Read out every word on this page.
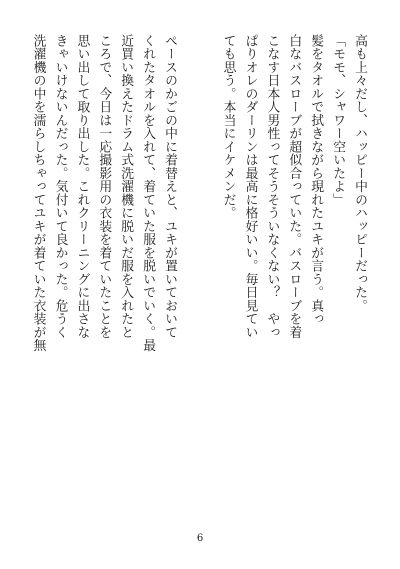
高も上々だし、ハッピー中のハッピーだった。
「モモ、シャワー空いたよ」
髪をタオルで拭きながら現れたユキが言う。真っ
白なバスローブが超似合っていた。バスローブを着
こなす日本人男性ってそうそういなくない？　やっ
ぱりオレのダーリンは最高に格好いい。毎日見てい
ても思う。本当にイケメンだ。
ペースのかごの中に着替えと、ユキが置いておいて
くれたタオルを入れて、着ていた服を脱いでいく。最
近買い換えたドラム式洗濯機に脱いだ服を入れたと
ころで、今日は一応撮影用の衣装を着ていたことを
思い出して取り出した。これクリーニングに出さな
きゃいけないんだった。気付いて良かった。危うく
洗濯機の中を濡らしちゃってユキが着ていた衣装が無
6
